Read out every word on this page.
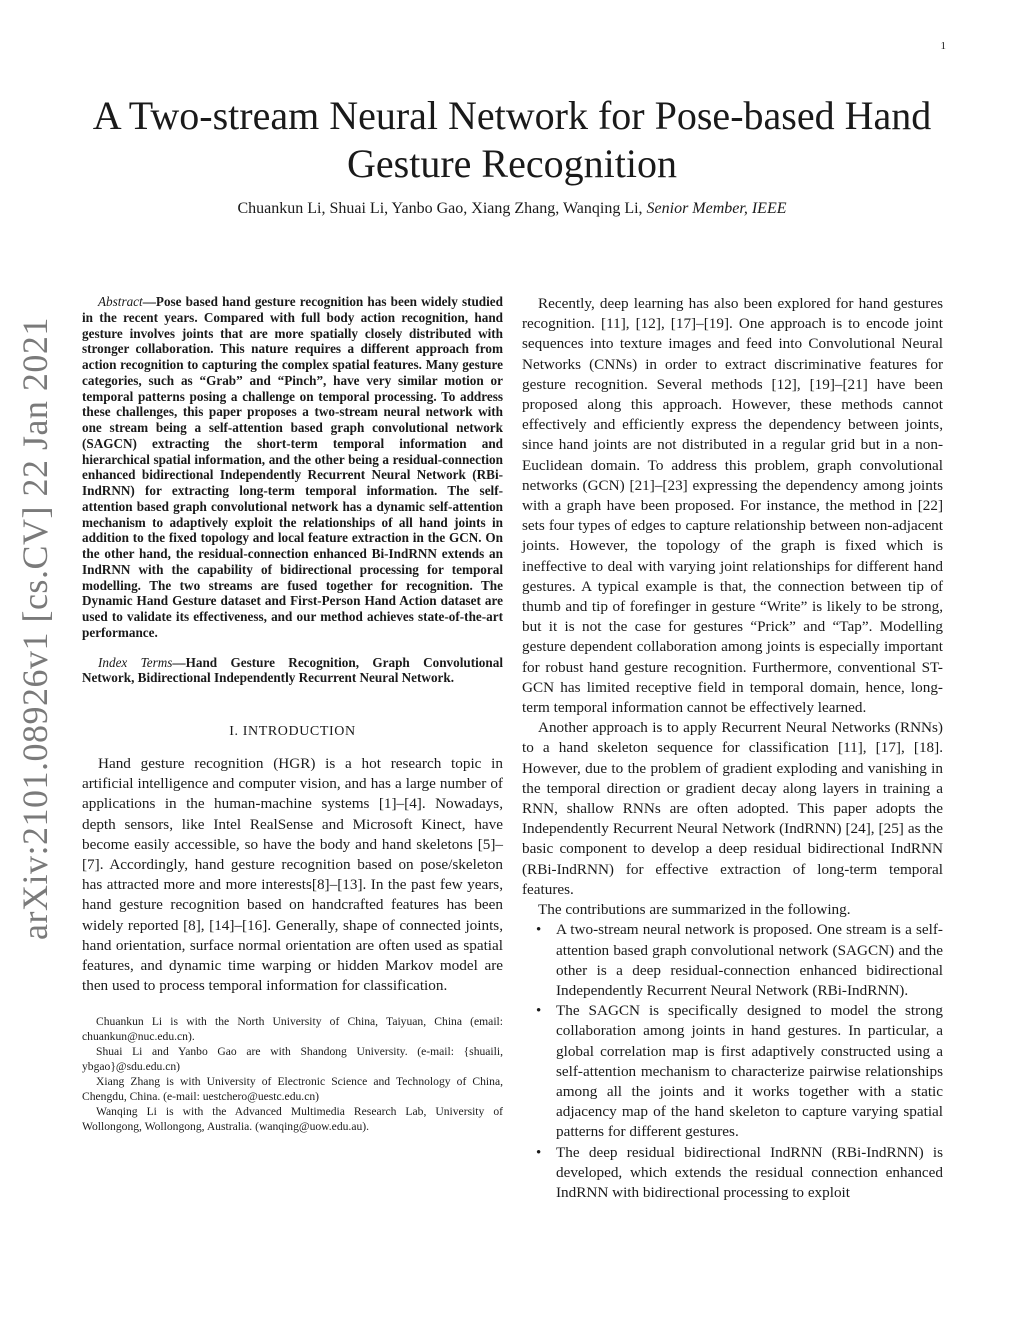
1
arXiv:2101.08926v1 [cs.CV] 22 Jan 2021
A Two-stream Neural Network for Pose-based Hand Gesture Recognition
Chuankun Li, Shuai Li, Yanbo Gao, Xiang Zhang, Wanqing Li, Senior Member, IEEE

Abstract—Pose based hand gesture recognition has been widely studied in the recent years. Compared with full body action recognition, hand gesture involves joints that are more spatially closely distributed with stronger collaboration. This nature requires a different approach from action recognition to capturing the complex spatial features. Many gesture categories, such as “Grab” and “Pinch”, have very similar motion or temporal patterns posing a challenge on temporal processing. To address these challenges, this paper proposes a two-stream neural network with one stream being a self-attention based graph convolutional network (SAGCN) extracting the short-term temporal information and hierarchical spatial information, and the other being a residual-connection enhanced bidirectional Independently Recurrent Neural Network (RBi-IndRNN) for extracting long-term temporal information. The self-attention based graph convolutional network has a dynamic self-attention mechanism to adaptively exploit the relationships of all hand joints in addition to the fixed topology and local feature extraction in the GCN. On the other hand, the residual-connection enhanced Bi-IndRNN extends an IndRNN with the capability of bidirectional processing for temporal modelling. The two streams are fused together for recognition. The Dynamic Hand Gesture dataset and First-Person Hand Action dataset are used to validate its effectiveness, and our method achieves state-of-the-art performance.

Index Terms—Hand Gesture Recognition, Graph Convolutional Network, Bidirectional Independently Recurrent Neural Network.

I. INTRODUCTION

Hand gesture recognition (HGR) is a hot research topic in artificial intelligence and computer vision, and has a large number of applications in the human-machine systems [1]–[4]. Nowadays, depth sensors, like Intel RealSense and Microsoft Kinect, have become easily accessible, so have the body and hand skeletons [5]–[7]. Accordingly, hand gesture recognition based on pose/skeleton has attracted more and more interests[8]–[13]. In the past few years, hand gesture recognition based on handcrafted features has been widely reported [8], [14]–[16]. Generally, shape of connected joints, hand orientation, surface normal orientation are often used as spatial features, and dynamic time warping or hidden Markov model are then used to process temporal information for classification.

Chuankun Li is with the North University of China, Taiyuan, China (email: chuankun@nuc.edu.cn).

Shuai Li and Yanbo Gao are with Shandong University. (e-mail: {shuaili, ybgao}@sdu.edu.cn)

Xiang Zhang is with University of Electronic Science and Technology of China, Chengdu, China. (e-mail: uestchero@uestc.edu.cn)

Wanqing Li is with the Advanced Multimedia Research Lab, University of Wollongong, Wollongong, Australia. (wanqing@uow.edu.au).

Recently, deep learning has also been explored for hand gestures recognition. [11], [12], [17]–[19]. One approach is to encode joint sequences into texture images and feed into Convolutional Neural Networks (CNNs) in order to extract discriminative features for gesture recognition. Several methods [12], [19]–[21] have been proposed along this approach. However, these methods cannot effectively and efficiently express the dependency between joints, since hand joints are not distributed in a regular grid but in a non-Euclidean domain. To address this problem, graph convolutional networks (GCN) [21]–[23] expressing the dependency among joints with a graph have been proposed. For instance, the method in [22] sets four types of edges to capture relationship between non-adjacent joints. However, the topology of the graph is fixed which is ineffective to deal with varying joint relationships for different hand gestures. A typical example is that, the connection between tip of thumb and tip of forefinger in gesture “Write” is likely to be strong, but it is not the case for gestures “Prick” and “Tap”. Modelling gesture dependent collaboration among joints is especially important for robust hand gesture recognition. Furthermore, conventional ST-GCN has limited receptive field in temporal domain, hence, long-term temporal information cannot be effectively learned.

Another approach is to apply Recurrent Neural Networks (RNNs) to a hand skeleton sequence for classification [11], [17], [18]. However, due to the problem of gradient exploding and vanishing in the temporal direction or gradient decay along layers in training a RNN, shallow RNNs are often adopted. This paper adopts the Independently Recurrent Neural Network (IndRNN) [24], [25] as the basic component to develop a deep residual bidirectional IndRNN (RBi-IndRNN) for effective extraction of long-term temporal features.

The contributions are summarized in the following.

• A two-stream neural network is proposed. One stream is a self-attention based graph convolutional network (SAGCN) and the other is a deep residual-connection enhanced bidirectional Independently Recurrent Neural Network (RBi-IndRNN).
• The SAGCN is specifically designed to model the strong collaboration among joints in hand gestures. In particular, a global correlation map is first adaptively constructed using a self-attention mechanism to characterize pairwise relationships among all the joints and it works together with a static adjacency map of the hand skeleton to capture varying spatial patterns for different gestures.
• The deep residual bidirectional IndRNN (RBi-IndRNN) is developed, which extends the residual connection enhanced IndRNN with bidirectional processing to exploit
